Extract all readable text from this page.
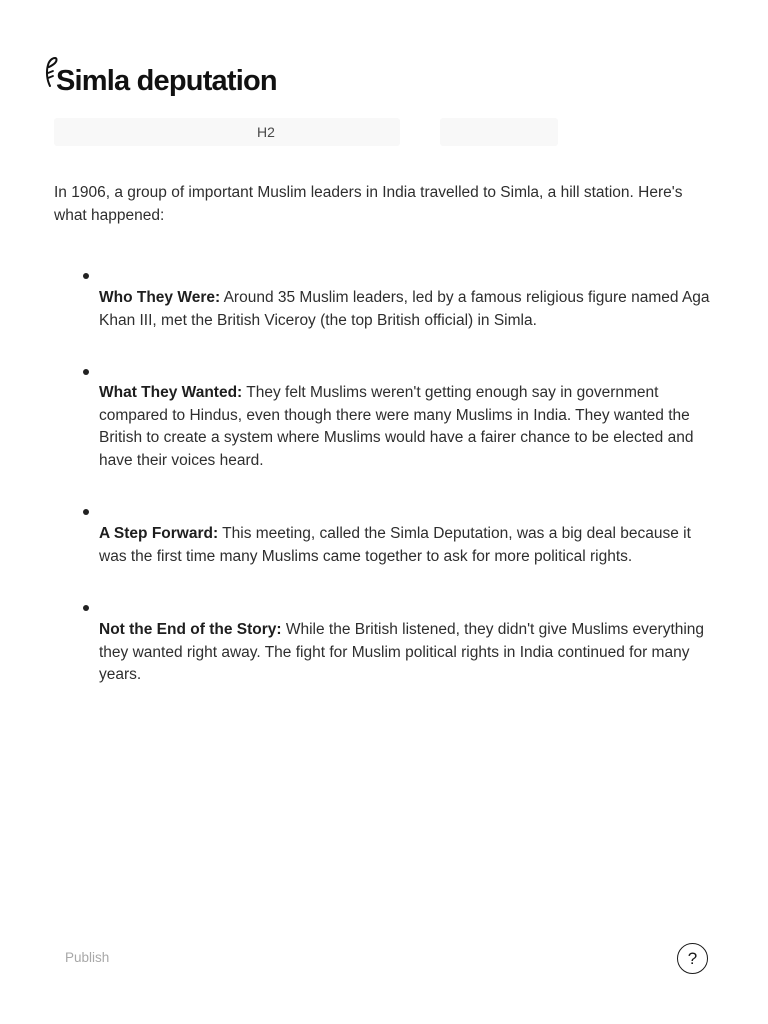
Simla deputation
H2

In 1906, a group of important Muslim leaders in India travelled to Simla, a hill station. Here's what happened:

Who They Were: Around 35 Muslim leaders, led by a famous religious figure named Aga Khan III, met the British Viceroy (the top British official) in Simla.
What They Wanted: They felt Muslims weren't getting enough say in government compared to Hindus, even though there were many Muslims in India. They wanted the British to create a system where Muslims would have a fairer chance to be elected and have their voices heard.
A Step Forward: This meeting, called the Simla Deputation, was a big deal because it was the first time many Muslims came together to ask for more political rights.
Not the End of the Story: While the British listened, they didn't give Muslims everything they wanted right away. The fight for Muslim political rights in India continued for many years.
Publish	?
